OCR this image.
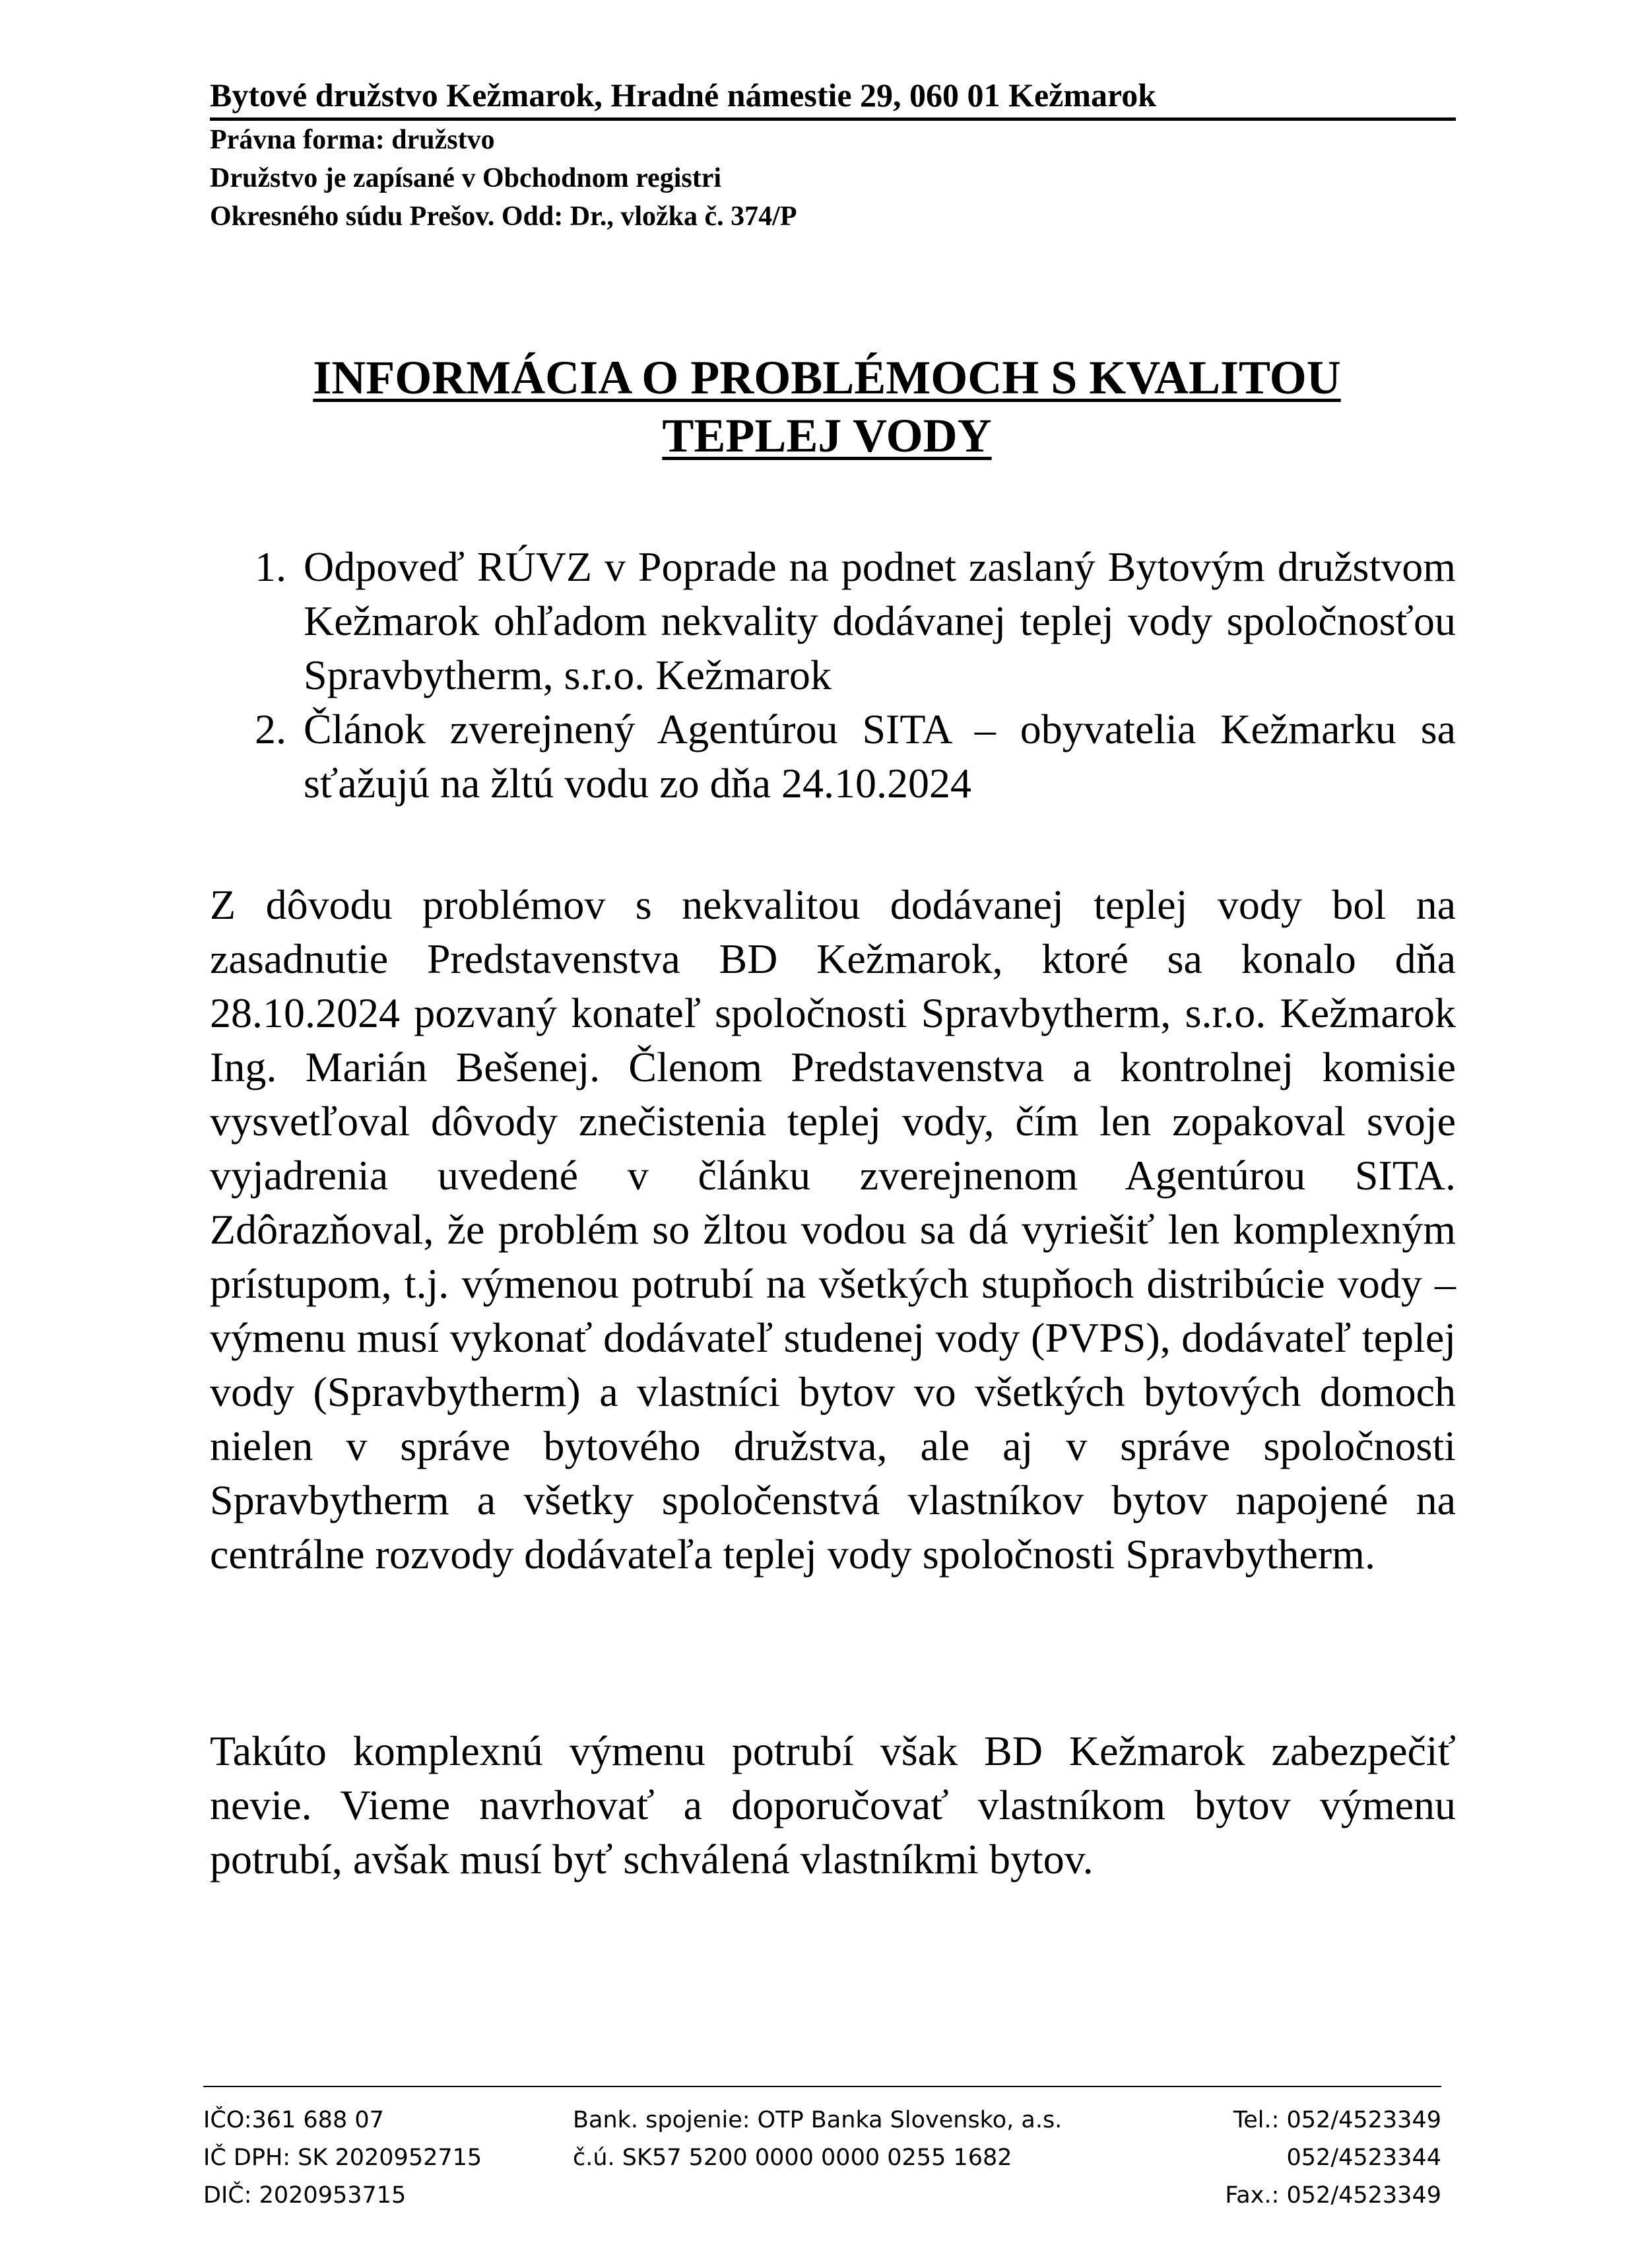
Bytové družstvo Kežmarok, Hradné námestie 29, 060 01 Kežmarok
Právna forma: družstvo
Družstvo je zapísané v Obchodnom registri
Okresného súdu Prešov. Odd: Dr., vložka č. 374/P
INFORMÁCIA O PROBLÉMOCH S KVALITOU
TEPLEJ VODY
1. Odpoveď RÚVZ v Poprade na podnet zaslaný Bytovým družstvom Kežmarok ohľadom nekvality dodávanej teplej vody spoločnosťou Spravbytherm, s.r.o. Kežmarok
2. Článok zverejnený Agentúrou SITA – obyvatelia Kežmarku sa sťažujú na žltú vodu zo dňa 24.10.2024
Z dôvodu problémov s nekvalitou dodávanej teplej vody bol na zasadnutie Predstavenstva BD Kežmarok, ktoré sa konalo dňa 28.10.2024 pozvaný konateľ spoločnosti Spravbytherm, s.r.o. Kežmarok Ing. Marián Bešenej. Členom Predstavenstva a kontrolnej komisie vysvetľoval dôvody znečistenia teplej vody, čím len zopakoval svoje vyjadrenia uvedené v článku zverejnenom Agentúrou SITA. Zdôrazňoval, že problém so žltou vodou sa dá vyriešiť len komplexným prístupom, t.j. výmenou potrubí na všetkých stupňoch distribúcie vody – výmenu musí vykonať dodávateľ studenej vody (PVPS), dodávateľ teplej vody (Spravbytherm) a vlastníci bytov vo všetkých bytových domoch nielen v správe bytového družstva, ale aj v správe spoločnosti Spravbytherm a všetky spoločenstvá vlastníkov bytov napojené na centrálne rozvody dodávateľa teplej vody spoločnosti Spravbytherm.
Takúto komplexnú výmenu potrubí však BD Kežmarok zabezpečiť nevie. Vieme navrhovať a doporučovať vlastníkom bytov výmenu potrubí, avšak musí byť schválená vlastníkmi bytov.
IČO:361 688 07
IČ DPH: SK 2020952715
DIČ: 2020953715
Bank. spojenie: OTP Banka Slovensko, a.s.
č.ú. SK57 5200 0000 0000 0255 1682
Tel.: 052/4523349
052/4523344
Fax.: 052/4523349
